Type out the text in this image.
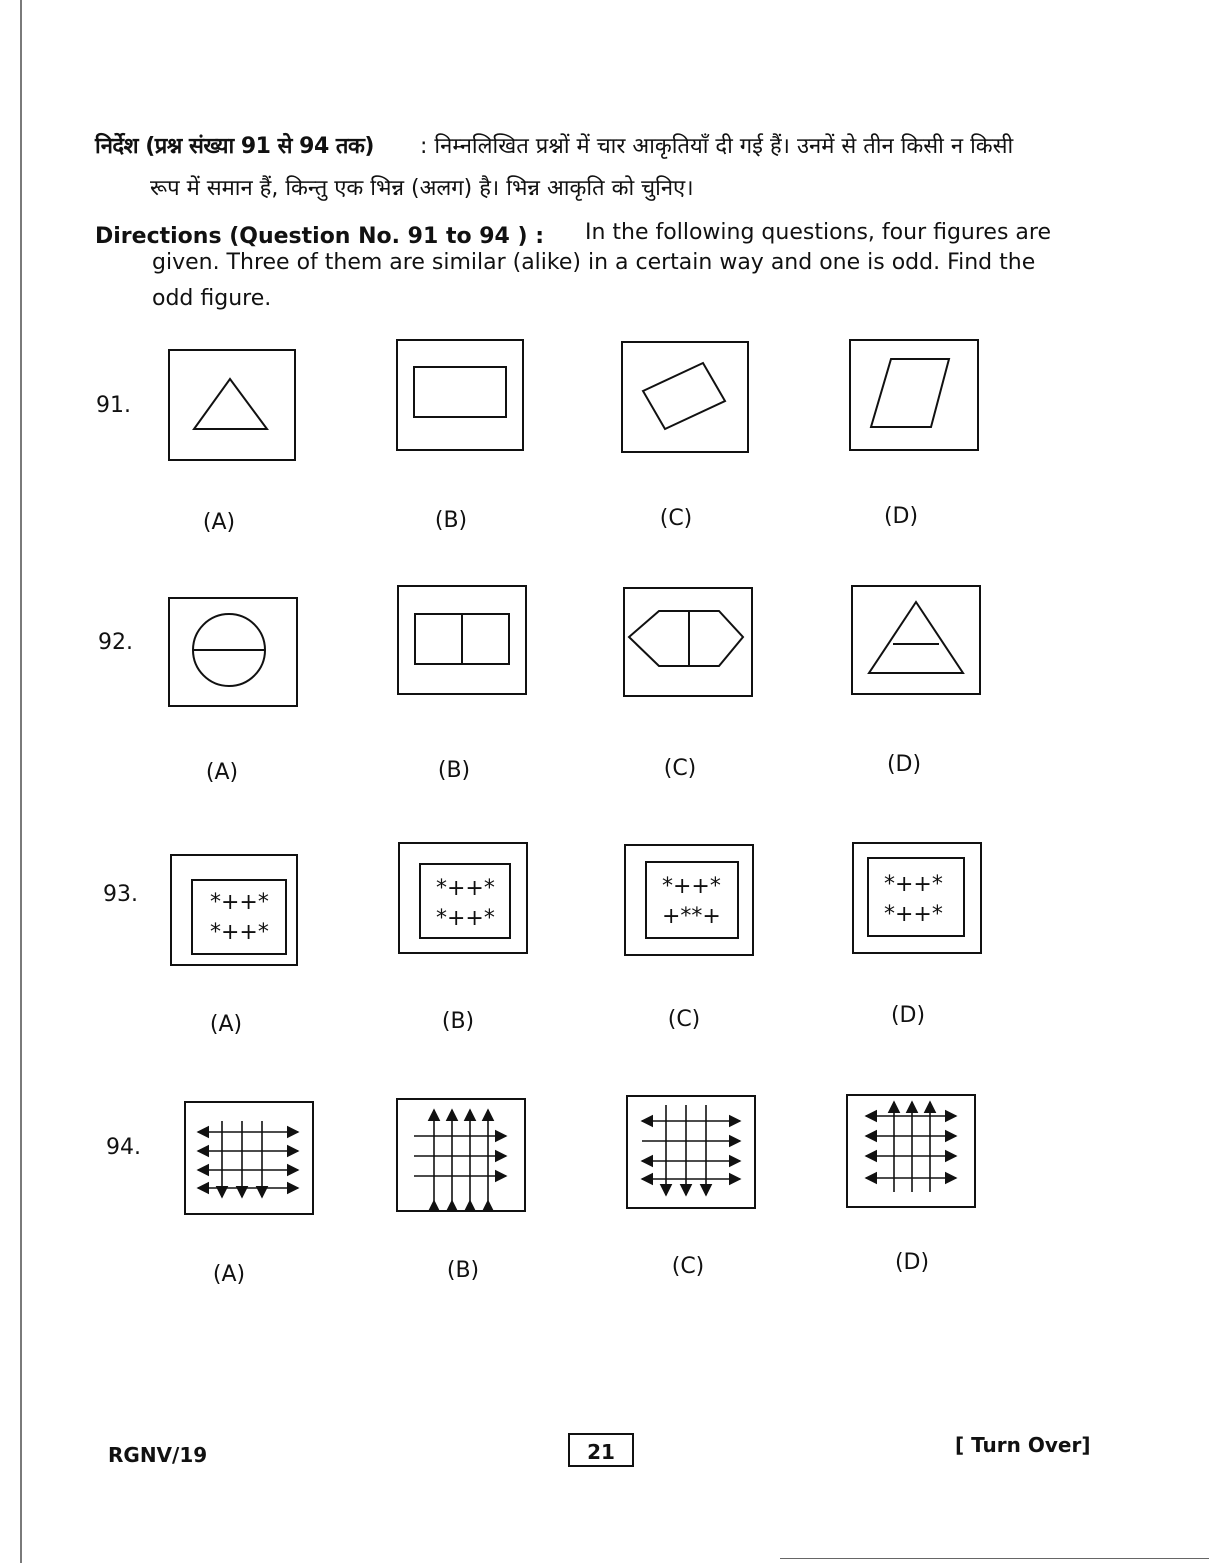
निर्देश (प्रश्न संख्या 91 से 94 तक) : निम्नलिखित प्रश्नों में चार आकृतियाँ दी गई हैं। उनमें से तीन किसी न किसी
रूप में समान हैं, किन्तु एक भिन्न (अलग) है। भिन्न आकृति को चुनिए।
Directions (Question No. 91 to 94 ) : In the following questions, four figures are
given. Three of them are similar (alike) in a certain way and one is odd. Find the
odd figure.
91.
(A)	(B)	(C)	(D)
92.
(A)	(B)	(C)	(D)
93.	*++*
*++*
*++*
*++*
*++*
+**+
*++*
*++*
(A)	(B)	(C)	(D)
94.
(A)	(B)	(C)	(D)
RGNV/19	21	[ Turn Over]
